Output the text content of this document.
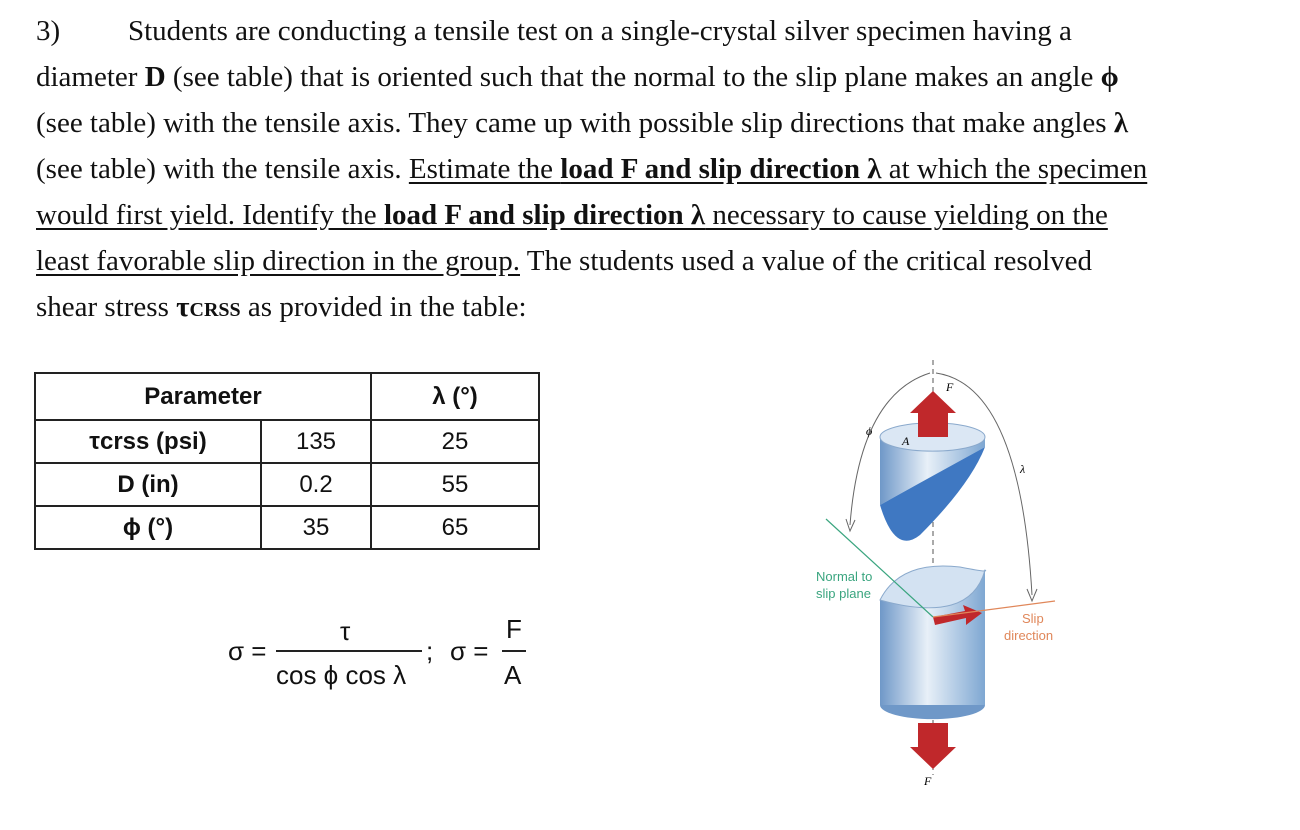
3) Students are conducting a tensile test on a single-crystal silver specimen having a
diameter D (see table) that is oriented such that the normal to the slip plane makes an angle ϕ
(see table) with the tensile axis. They came up with possible slip directions that make angles λ
(see table) with the tensile axis. Estimate the load F and slip direction λ at which the specimen
would first yield. Identify the load F and slip direction λ necessary to cause yielding on the
least favorable slip direction in the group. The students used a value of the critical resolved
shear stress τCRSS as provided in the table:
Parameter		λ (°)
τcrss (psi)	135	25
D (in)	0.2	55
ϕ (°)	35	65
σ =
τ
cos ϕ cos λ
; σ =
F
A
F
F
A
ϕ
λ
Normal to
slip plane
Slip
direction
